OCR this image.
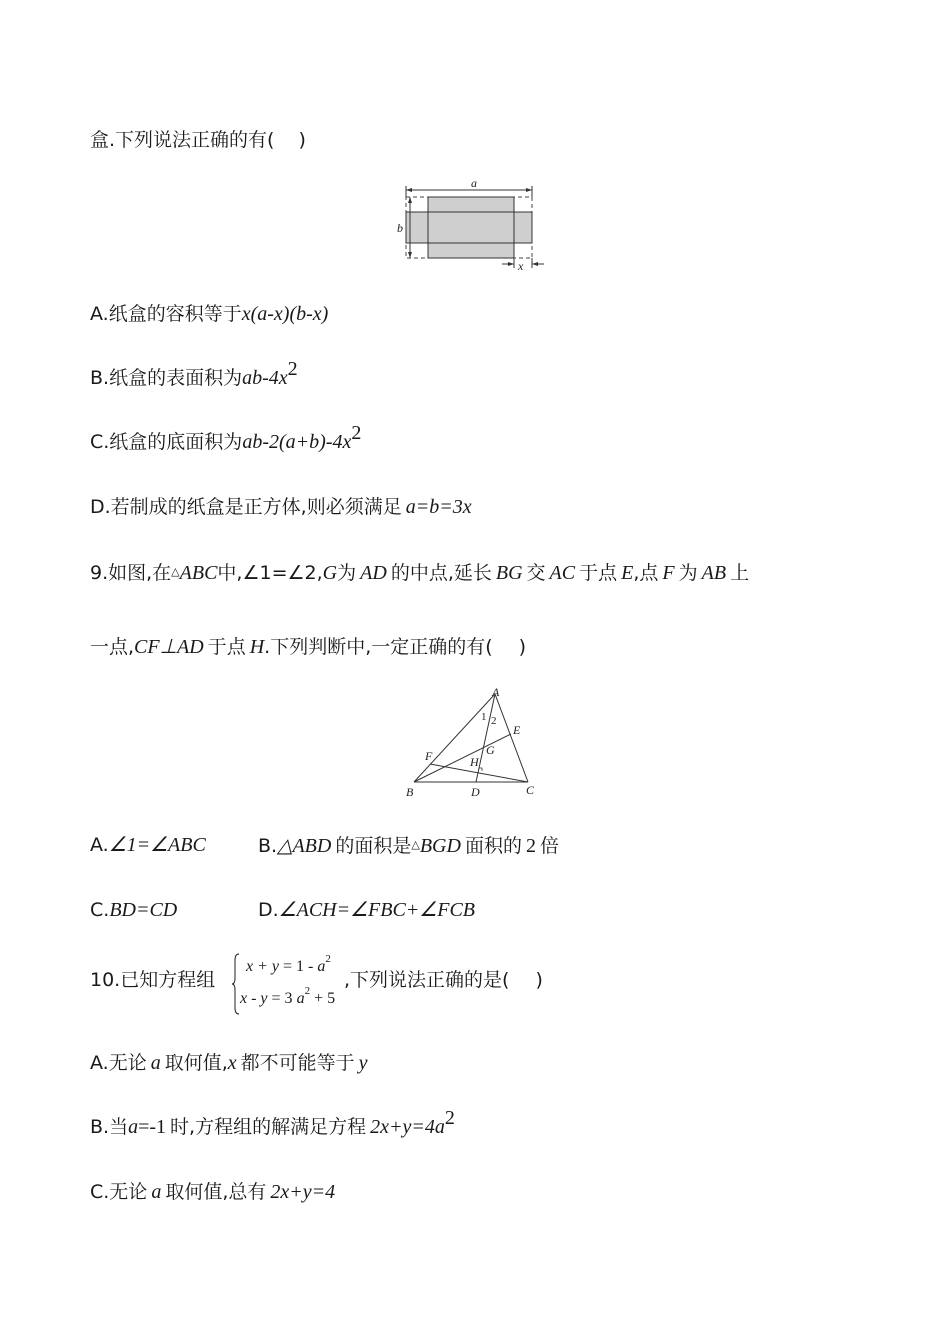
盒.下列说法正确的有( )
a
b
x
A.纸盒的容积等于x(a-x)(b-x)
B.纸盒的表面积为$ab-4x^2$
C.纸盒的底面积为$ab-2(a+b)-4x^2$
D.若制成的纸盒是正方体,则必须满足 a=b=3x
9.如图,在△ABC中,∠1=∠2,G为 AD 的中点,延长 BG 交 AC 于点 E,点 F 为 AB 上
一点,CF⊥AD 于点 H.下列判断中,一定正确的有( )
A
B	C
D
E
F	G
H
1 2
A.∠1=∠ABC	B.△ABD 的面积是△BGD 面积的 2 倍
C.BD=CD	D.∠ACH=∠FBC+∠FCB
10.已知方程组
$x + y = 1 - a^2$
x - y = 3 $a^2 + 5$
,下列说法正确的是( )
A.无论 a 取何值,x 都不可能等于 y
B.当a=-1 时,方程组的解满足方程 $2x+y=4a^2$
C.无论 a 取何值,总有 2x+y=4
